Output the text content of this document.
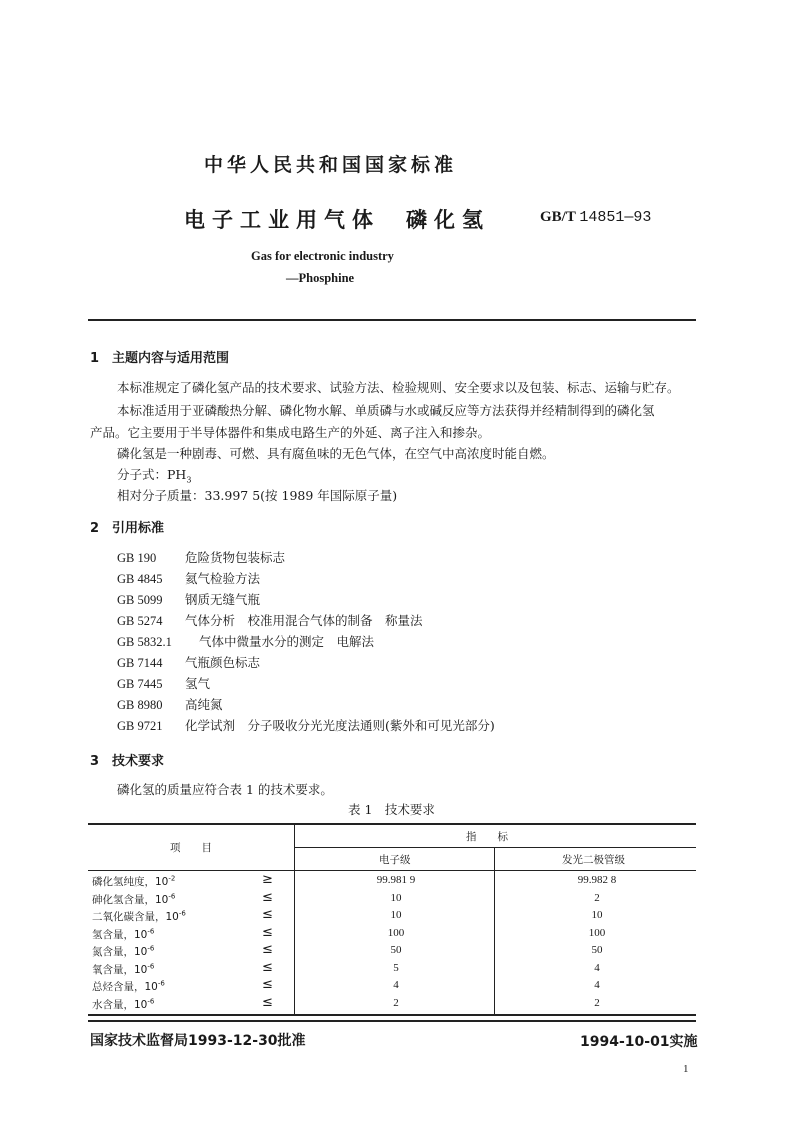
中华人民共和国国家标准
电子工业用气体 磷化氢	GB/T 14851—93
Gas for electronic industry
—Phosphine
1　主题内容与适用范围
本标准规定了磷化氢产品的技术要求、试验方法、检验规则、安全要求以及包装、标志、运输与贮存。
本标准适用于亚磷酸热分解、磷化物水解、单质磷与水或碱反应等方法获得并经精制得到的磷化氢
产品。它主要用于半导体器件和集成电路生产的外延、离子注入和掺杂。
磷化氢是一种剧毒、可燃、具有腐鱼味的无色气体，在空气中高浓度时能自燃。
分子式：$PH_3$
相对分子质量：33.997 5(按 1989 年国际原子量)
2　引用标准
GB 190 危险货物包装标志
GB 4845 氦气检验方法
GB 5099 钢质无缝气瓶
GB 5274 气体分析　校准用混合气体的制备　称量法
GB 5832.1 气体中微量水分的测定　电解法
GB 7144 气瓶颜色标志
GB 7445 氢气
GB 8980 高纯氮
GB 9721 化学试剂　分子吸收分光光度法通则(紫外和可见光部分)
3　技术要求
磷化氢的质量应符合表 1 的技术要求。
表 1　技术要求
项　　目
指　　标
电子级	发光二极管级
磷化氢纯度，$10^{-2}$	≥	99.981 9	99.982 8
砷化氢含量，$10^{-6}$	≤	10	2
二氧化碳含量，$10^{-6}$	≤	10	10
氢含量，$10^{-6}$	≤	100	100
氮含量，$10^{-6}$	≤	50	50
氧含量，$10^{-6}$	≤	5	4
总烃含量，$10^{-6}$	≤	4	4
水含量，$10^{-6}$	≤	2	2
国家技术监督局1993-12-30批准	1994-10-01实施
1
